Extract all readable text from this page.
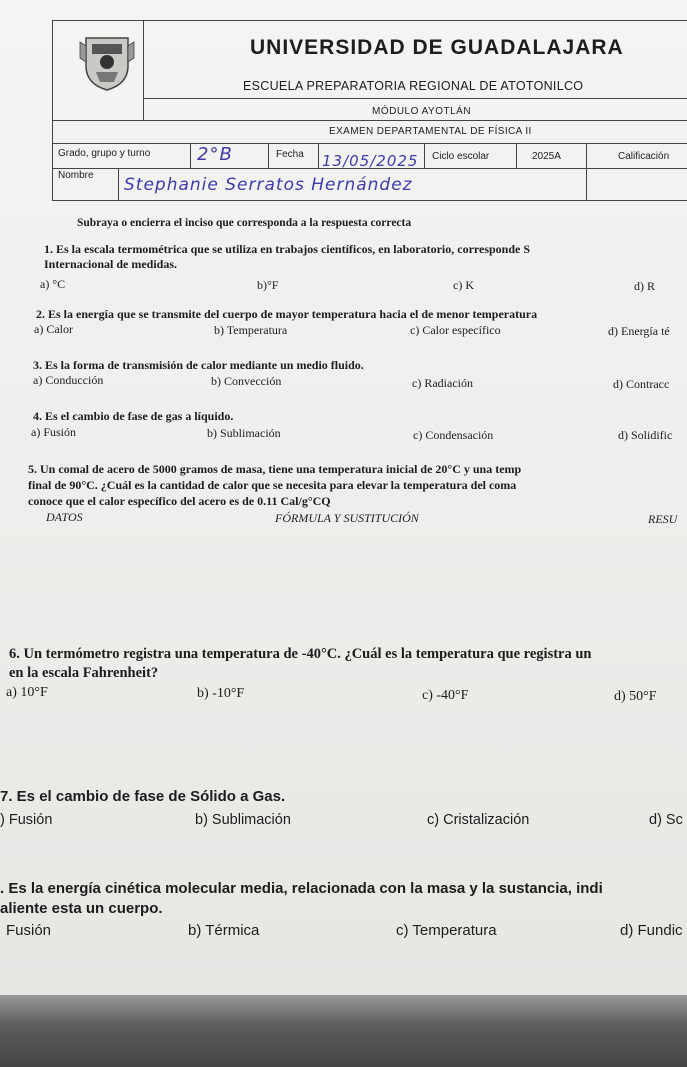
UNIVERSIDAD DE GUADALAJARA
ESCUELA PREPARATORIA REGIONAL DE ATOTONILCO
MÓDULO AYOTLÁN
EXAMEN DEPARTAMENTAL DE FÍSICA II
Grado, grupo y turno	2°B	Fecha 13/05/2025 Ciclo escolar	2025A	Calificación
Nombre Stephanie Serratos Hernández
Subraya o encierra el inciso que corresponda a la respuesta correcta
1. Es la escala termométrica que se utiliza en trabajos científicos, en laboratorio, corresponde S
Internacional de medidas.
a) °C	b)°F	c) K	d) R
2. Es la energía que se transmite del cuerpo de mayor temperatura hacia el de menor temperatura
a) Calor	b) Temperatura	c) Calor específico	d) Energía té
3. Es la forma de transmisión de calor mediante un medio fluido.
a) Conducción	b) Convección	c) Radiación	d) Contracc
4. Es el cambio de fase de gas a líquido.
a) Fusión	b) Sublimación	c) Condensación	d) Solidific
5. Un comal de acero de 5000 gramos de masa, tiene una temperatura inicial de 20°C y una temp
final de 90°C. ¿Cuál es la cantidad de calor que se necesita para elevar la temperatura del coma
conoce que el calor específico del acero es de 0.11 Cal/g°CQ
DATOS	FÓRMULA Y SUSTITUCIÓN	RESU
6. Un termómetro registra una temperatura de -40°C. ¿Cuál es la temperatura que registra un
en la escala Fahrenheit?
a) 10°F	b) -10°F	c) -40°F	d) 50°F
7. Es el cambio de fase de Sólido a Gas.
) Fusión	b) Sublimación	c) Cristalización	d) Sc
. Es la energía cinética molecular media, relacionada con la masa y la sustancia, indi
aliente esta un cuerpo.
Fusión	b) Térmica	c) Temperatura	d) Fundic
